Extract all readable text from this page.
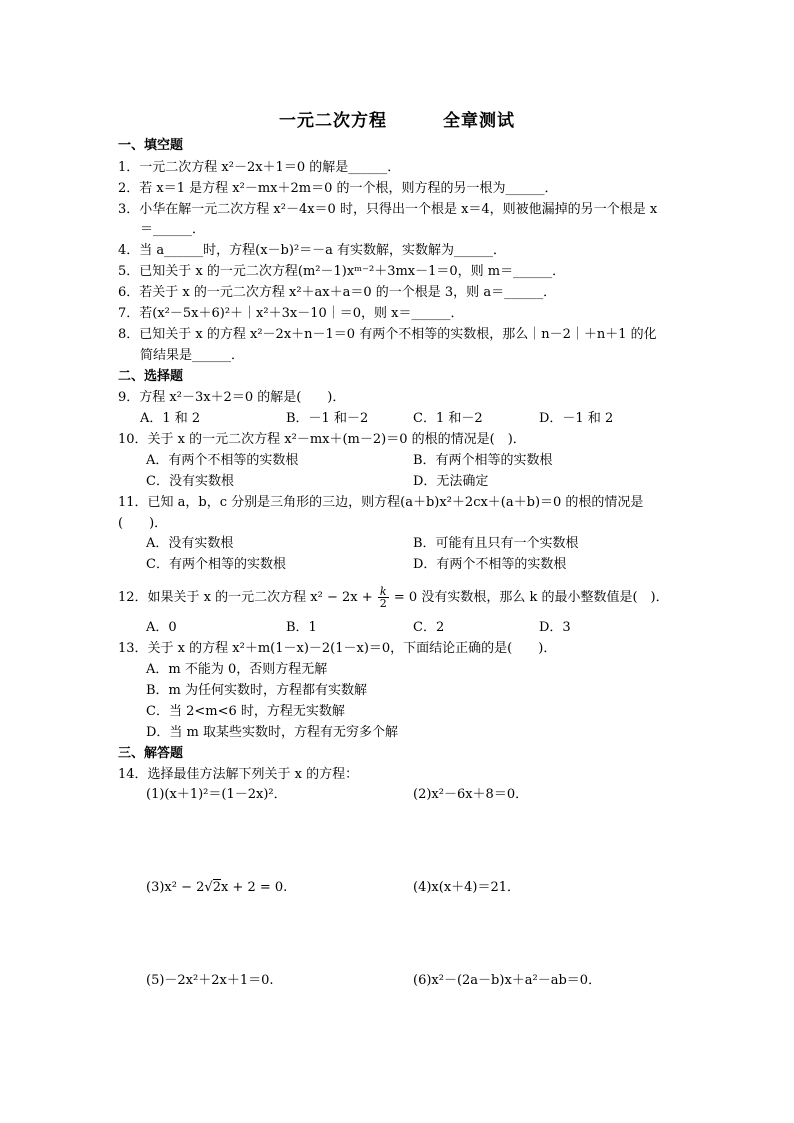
一元二次方程	全章测试
一、填空题
1．一元二次方程 x²－2x＋1＝0 的解是______．
2．若 x＝1 是方程 x²－mx＋2m＝0 的一个根，则方程的另一根为______．
3．小华在解一元二次方程 x²－4x＝0 时，只得出一个根是 x＝4，则被他漏掉的另一个根是 x
＝______．
4．当 a______时，方程(x－b)²＝－a 有实数解，实数解为______．
5．已知关于 x 的一元二次方程(m²－1)xᵐ⁻²＋3mx－1＝0，则 m＝______．
6．若关于 x 的一元二次方程 x²＋ax＋a＝0 的一个根是 3，则 a＝______．
7．若(x²－5x＋6)²＋｜x²＋3x－10｜＝0，则 x＝______．
8．已知关于 x 的方程 x²－2x＋n－1＝0 有两个不相等的实数根，那么｜n－2｜＋n＋1 的化
简结果是______．
二、选择题
9．方程 x²－3x＋2＝0 的解是(　　)．
A．1 和 2	B．－1 和－2	C．1 和－2	D．－1 和 2
10．关于 x 的一元二次方程 x²－mx＋(m－2)＝0 的根的情况是(　)．
A．有两个不相等的实数根	B．有两个相等的实数根
C．没有实数根	D．无法确定
11．已知 a，b，c 分别是三角形的三边，则方程(a＋b)x²＋2cx＋(a＋b)＝0 的根的情况是
(　　)．
A．没有实数根	B．可能有且只有一个实数根
C．有两个相等的实数根	D．有两个不相等的实数根
12．如果关于 x 的一元二次方程 $x^2 - 2x + \frac{k}{2} = 0$ 没有实数根，那么 k 的最小整数值是(　)．
A．0	B．1	C．2	D．3
13．关于 x 的方程 x²＋m(1－x)－2(1－x)＝0，下面结论正确的是(　　)．
A．m 不能为 0，否则方程无解
B．m 为任何实数时，方程都有实数解
C．当 2<m<6 时，方程无实数解
D．当 m 取某些实数时，方程有无穷多个解
三、解答题
14．选择最佳方法解下列关于 x 的方程：
(1)(x＋1)²＝(1－2x)²．	(2)x²－6x＋8＝0．
(3)x² − 2√2x + 2 = 0.	(4)x(x＋4)＝21．
(5)－2x²＋2x＋1＝0.	(6)x²－(2a－b)x＋a²－ab＝0．
